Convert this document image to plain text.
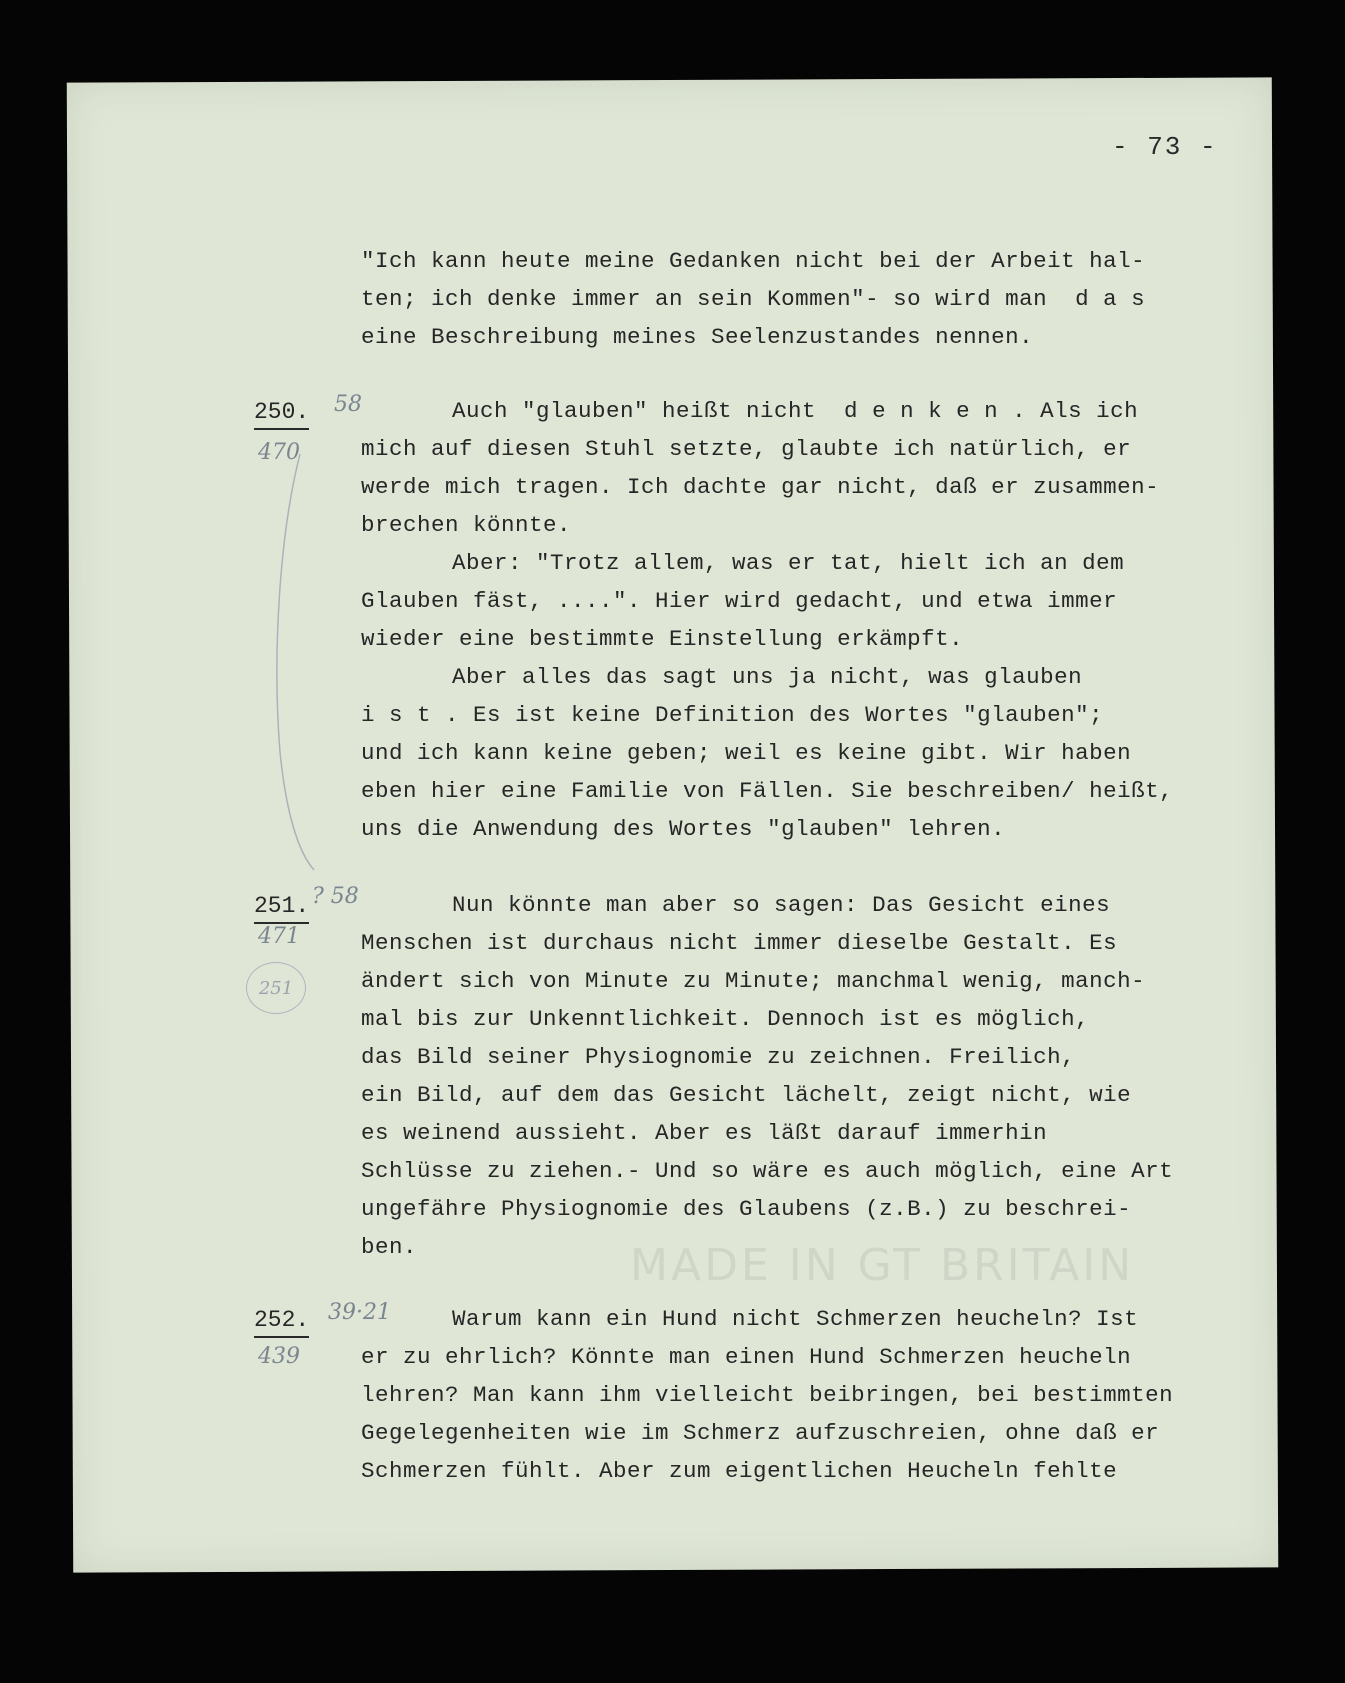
- 73 -
"Ich kann heute meine Gedanken nicht bei der Arbeit hal-
ten; ich denke immer an sein Kommen"- so wird man  d a s
eine Beschreibung meines Seelenzustandes nennen.
250. 58
470
Auch "glauben" heißt nicht  d e n k e n . Als ich
mich auf diesen Stuhl setzte, glaubte ich natürlich, er
werde mich tragen. Ich dachte gar nicht, daß er zusammen-
brechen könnte.
Aber: "Trotz allem, was er tat, hielt ich an dem
Glauben fäst, ....". Hier wird gedacht, und etwa immer
wieder eine bestimmte Einstellung erkämpft.
Aber alles das sagt uns ja nicht, was glauben
i s t . Es ist keine Definition des Wortes "glauben";
und ich kann keine geben; weil es keine gibt. Wir haben
eben hier eine Familie von Fällen. Sie beschreiben/ heißt,
uns die Anwendung des Wortes "glauben" lehren.
251. ? 58
471
251
Nun könnte man aber so sagen: Das Gesicht eines
Menschen ist durchaus nicht immer dieselbe Gestalt. Es
ändert sich von Minute zu Minute; manchmal wenig, manch-
mal bis zur Unkenntlichkeit. Dennoch ist es möglich,
das Bild seiner Physiognomie zu zeichnen. Freilich,
ein Bild, auf dem das Gesicht lächelt, zeigt nicht, wie
es weinend aussieht. Aber es läßt darauf immerhin
Schlüsse zu ziehen.- Und so wäre es auch möglich, eine Art
ungefähre Physiognomie des Glaubens (z.B.) zu beschrei-
ben.	MADE IN GT BRITAIN
252. 39·21
439
Warum kann ein Hund nicht Schmerzen heucheln? Ist
er zu ehrlich? Könnte man einen Hund Schmerzen heucheln
lehren? Man kann ihm vielleicht beibringen, bei bestimmten
Gegelegenheiten wie im Schmerz aufzuschreien, ohne daß er
Schmerzen fühlt. Aber zum eigentlichen Heucheln fehlte
